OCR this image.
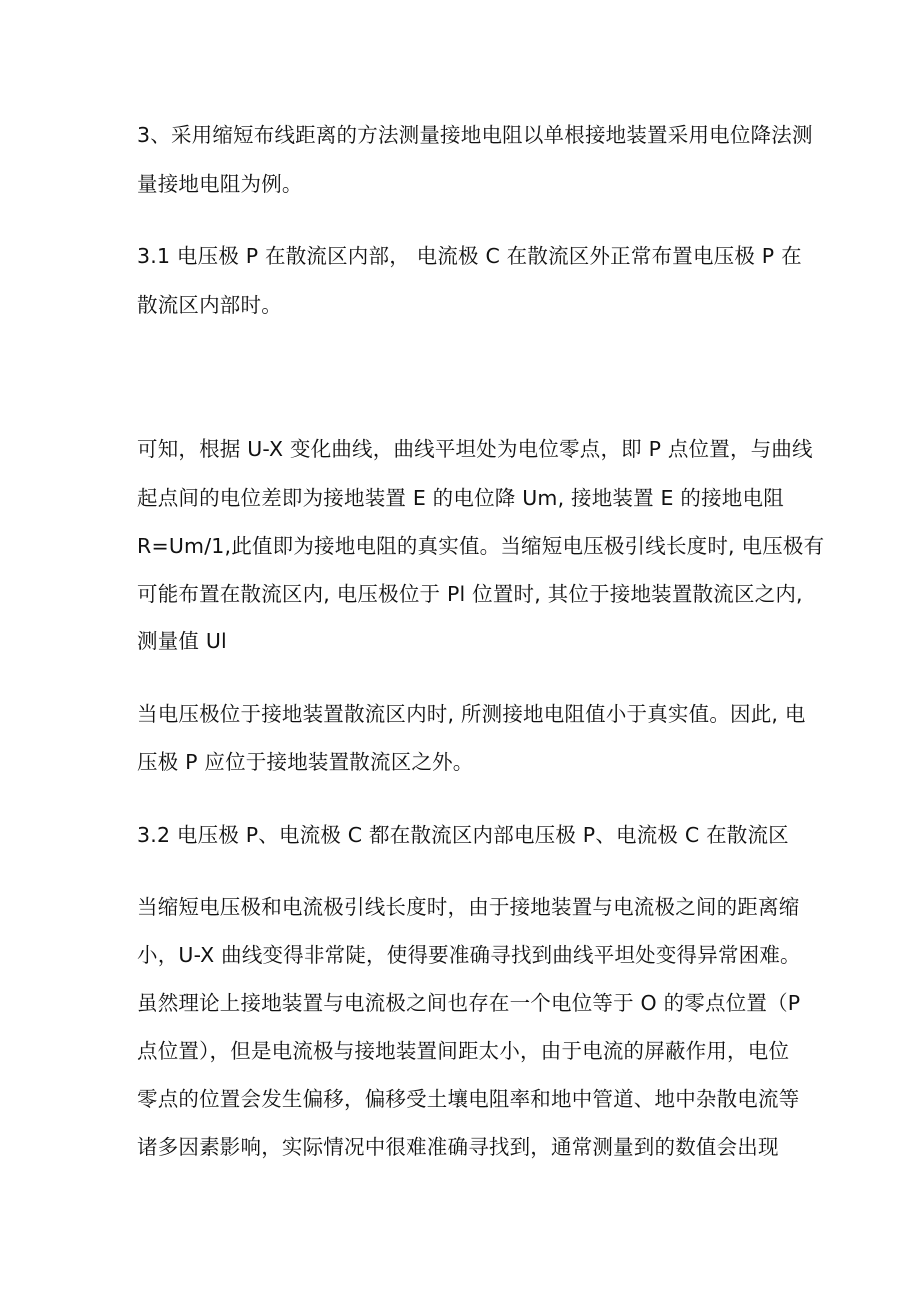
3、采用缩短布线距离的方法测量接地电阻以单根接地装置采用电位降法测
量接地电阻为例。
3.1 电压极 P 在散流区内部， 电流极 C 在散流区外正常布置电压极 P 在
散流区内部时。
可知，根据 U-X 变化曲线，曲线平坦处为电位零点，即 P 点位置，与曲线
起点间的电位差即为接地装置 E 的电位降 Um, 接地装置 E 的接地电阻
R=Um/1,此值即为接地电阻的真实值。当缩短电压极引线长度时, 电压极有
可能布置在散流区内, 电压极位于 Pl 位置时, 其位于接地装置散流区之内,
测量值 Ul
当电压极位于接地装置散流区内时, 所测接地电阻值小于真实值。因此, 电
压极 P 应位于接地装置散流区之外。
3.2 电压极 P、电流极 C 都在散流区内部电压极 P、电流极 C 在散流区
当缩短电压极和电流极引线长度时，由于接地装置与电流极之间的距离缩
小，U-X 曲线变得非常陡，使得要准确寻找到曲线平坦处变得异常困难。
虽然理论上接地装置与电流极之间也存在一个电位等于 O 的零点位置（P
点位置），但是电流极与接地装置间距太小，由于电流的屏蔽作用，电位
零点的位置会发生偏移，偏移受土壤电阻率和地中管道、地中杂散电流等
诸多因素影响，实际情况中很难准确寻找到，通常测量到的数值会出现
